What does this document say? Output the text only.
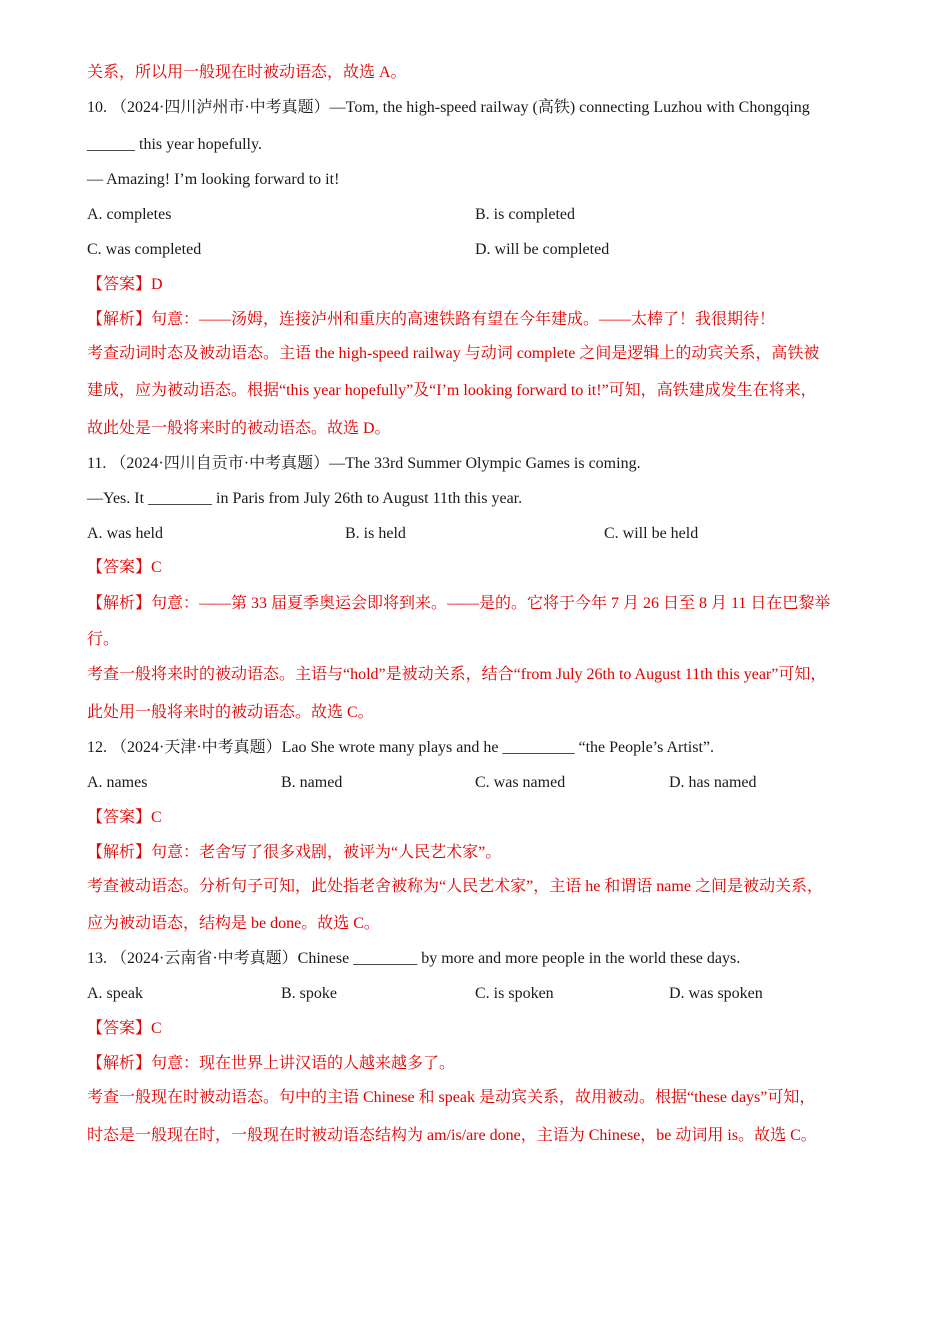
关系，所以用一般现在时被动语态，故选 A。
10. （2024·四川泸州市·中考真题）—Tom, the high-speed railway (高铁) connecting Luzhou with Chongqing
______ this year hopefully.
— Amazing! I’m looking forward to it!
A. completes	B. is completed
C. was completed	D. will be completed
【答案】D
【解析】句意：——汤姆，连接泸州和重庆的高速铁路有望在今年建成。——太棒了！我很期待！
考查动词时态及被动语态。主语 the high-speed railway 与动词 complete 之间是逻辑上的动宾关系，高铁被
建成，应为被动语态。根据“this year hopefully”及“I’m looking forward to it!”可知，高铁建成发生在将来，
故此处是一般将来时的被动语态。故选 D。
11. （2024·四川自贡市·中考真题）—The 33rd Summer Olympic Games is coming.
—Yes. It ________ in Paris from July 26th to August 11th this year.
A. was held	B. is held	C. will be held
【答案】C
【解析】句意：——第 33 届夏季奥运会即将到来。——是的。它将于今年 7 月 26 日至 8 月 11 日在巴黎举
行。
考查一般将来时的被动语态。主语与“hold”是被动关系，结合“from July 26th to August 11th this year”可知，
此处用一般将来时的被动语态。故选 C。
12. （2024·天津·中考真题）Lao She wrote many plays and he _________ “the People’s Artist”.
A. names	B. named	C. was named	D. has named
【答案】C
【解析】句意：老舍写了很多戏剧，被评为“人民艺术家”。
考查被动语态。分析句子可知，此处指老舍被称为“人民艺术家”，主语 he 和谓语 name 之间是被动关系，
应为被动语态，结构是 be done。故选 C。
13. （2024·云南省·中考真题）Chinese ________ by more and more people in the world these days.
A. speak	B. spoke	C. is spoken	D. was spoken
【答案】C
【解析】句意：现在世界上讲汉语的人越来越多了。
考查一般现在时被动语态。句中的主语 Chinese 和 speak 是动宾关系，故用被动。根据“these days”可知，
时态是一般现在时，一般现在时被动语态结构为 am/is/are done，主语为 Chinese，be 动词用 is。故选 C。
